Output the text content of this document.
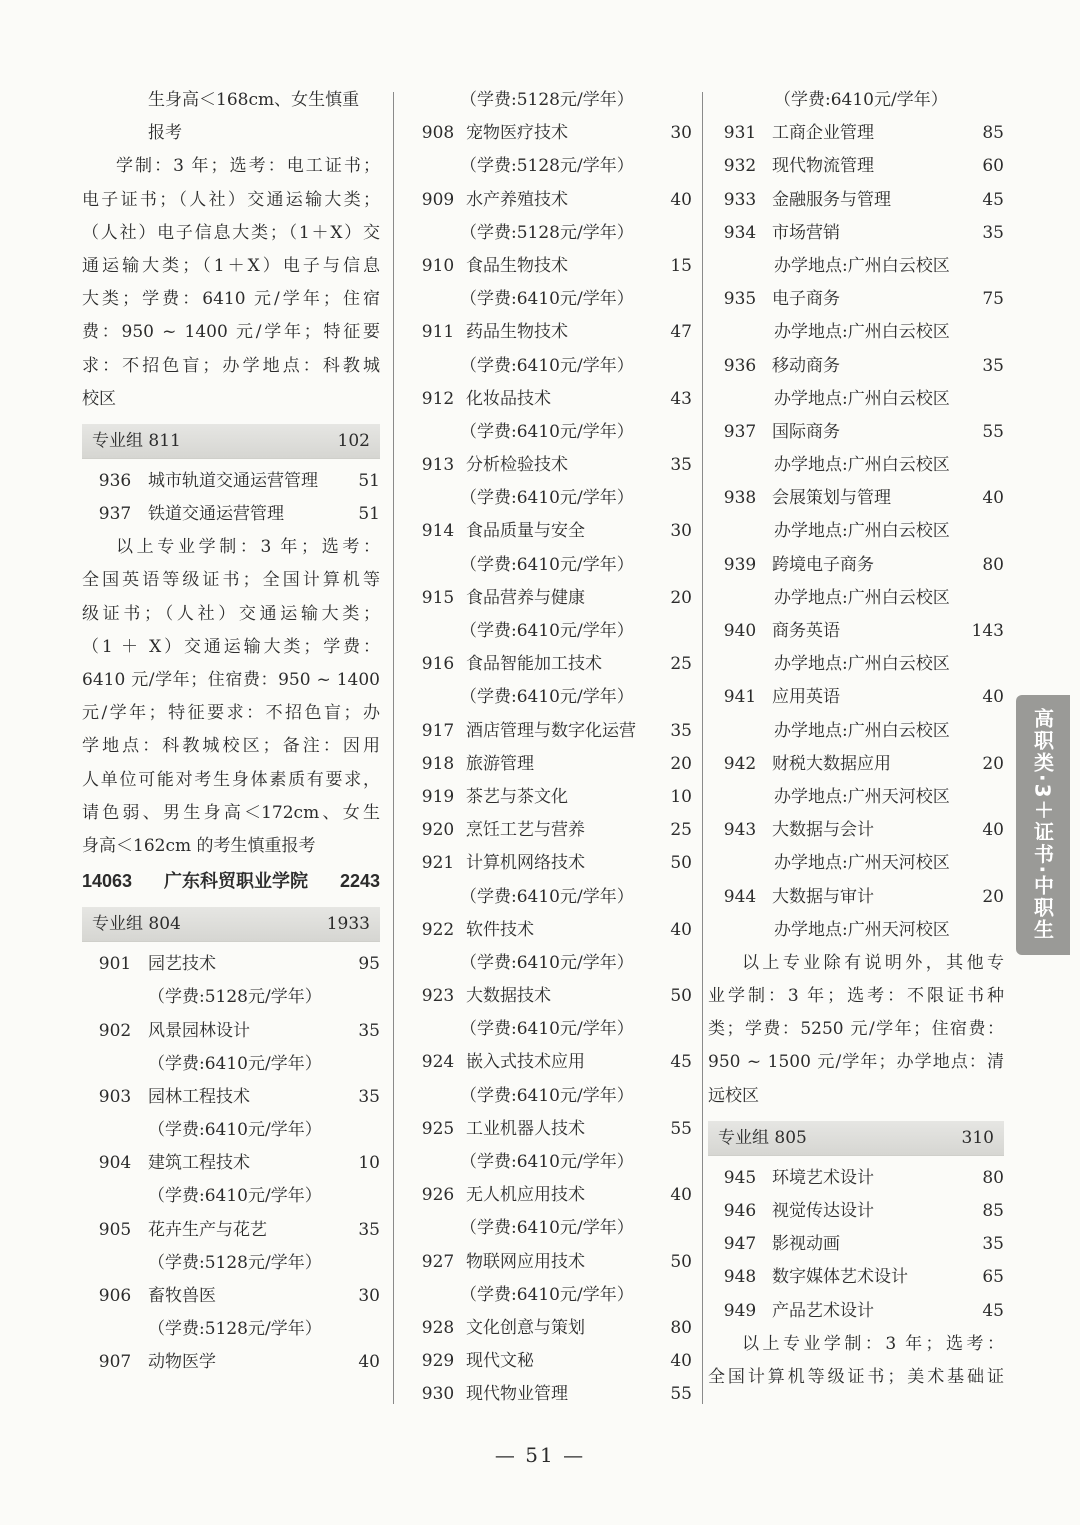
生身高＜168cm、女生慎重
报考
学制：3 年；选考：电工证书；
电子证书；（人社）交通运输大类；
（人社）电子信息大类；（1＋X）交
通运输大类；（1＋X）电子与信息
大类；学费：6410 元/学年；住宿
费：950 ~ 1400 元/学年；特征要
求：不招色盲；办学地点：科教城
校区
专业组 811	102
936 城市轨道交通运营管理	51
937 铁道交通运营管理	51
以上专业学制：3 年；选考：
全国英语等级证书；全国计算机等
级证书；（人社）交通运输大类；
（1 ＋ X）交通运输大类；学费：
6410 元/学年；住宿费：950 ~ 1400
元/学年；特征要求：不招色盲；办
学地点：科教城校区；备注：因用
人单位可能对考生身体素质有要求，
请色弱、男生身高＜172cm、女生
身高＜162cm 的考生慎重报考
14063 广东科贸职业学院 2243
专业组 804	1933
901 园艺技术	95
（学费:5128元/学年）
902 风景园林设计	35
（学费:6410元/学年）
903 园林工程技术	35
（学费:6410元/学年）
904 建筑工程技术	10
（学费:6410元/学年）
905 花卉生产与花艺	35
（学费:5128元/学年）
906 畜牧兽医	30
（学费:5128元/学年）
907 动物医学	40
（学费:5128元/学年）
908 宠物医疗技术	30
（学费:5128元/学年）
909 水产养殖技术	40
（学费:5128元/学年）
910 食品生物技术	15
（学费:6410元/学年）
911 药品生物技术	47
（学费:6410元/学年）
912 化妆品技术	43
（学费:6410元/学年）
913 分析检验技术	35
（学费:6410元/学年）
914 食品质量与安全	30
（学费:6410元/学年）
915 食品营养与健康	20
（学费:6410元/学年）
916 食品智能加工技术	25
（学费:6410元/学年）
917 酒店管理与数字化运营	35
918 旅游管理	20
919 茶艺与茶文化	10
920 烹饪工艺与营养	25
921 计算机网络技术	50
（学费:6410元/学年）
922 软件技术	40
（学费:6410元/学年）
923 大数据技术	50
（学费:6410元/学年）
924 嵌入式技术应用	45
（学费:6410元/学年）
925 工业机器人技术	55
（学费:6410元/学年）
926 无人机应用技术	40
（学费:6410元/学年）
927 物联网应用技术	50
（学费:6410元/学年）
928 文化创意与策划	80
929 现代文秘	40
930 现代物业管理	55
（学费:6410元/学年）
931 工商企业管理	85
932 现代物流管理	60
933 金融服务与管理	45
934 市场营销	35
办学地点:广州白云校区
935 电子商务	75
办学地点:广州白云校区
936 移动商务	35
办学地点:广州白云校区
937 国际商务	55
办学地点:广州白云校区
938 会展策划与管理	40
办学地点:广州白云校区
939 跨境电子商务	80
办学地点:广州白云校区
940 商务英语	143
办学地点:广州白云校区
941 应用英语	40
办学地点:广州白云校区
942 财税大数据应用	20
办学地点:广州天河校区
943 大数据与会计	40
办学地点:广州天河校区
944 大数据与审计	20
办学地点:广州天河校区
以上专业除有说明外，其他专
业学制：3 年；选考：不限证书种
类；学费：5250 元/学年；住宿费：
950 ~ 1500 元/学年；办学地点：清
远校区
专业组 805	310
945 环境艺术设计	80
946 视觉传达设计	85
947 影视动画	35
948 数字媒体艺术设计	65
949 产品艺术设计	45
以上专业学制：3 年；选考：
全国计算机等级证书；美术基础证
高职类·3＋证书·中职生
— 51 —
